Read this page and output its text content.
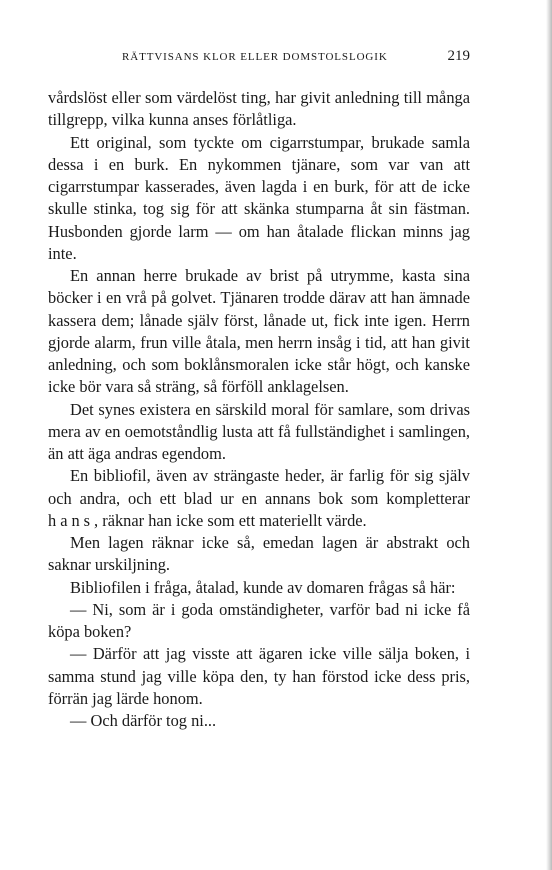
RÄTTVISANS KLOR ELLER DOMSTOLSLOGIK	219

vårdslöst eller som värdelöst ting, har givit anledning till många tillgrepp, vilka kunna anses förlåtliga.

Ett original, som tyckte om cigarrstumpar, brukade samla dessa i en burk. En nykommen tjänare, som var van att cigarrstumpar kasserades, även lagda i en burk, för att de icke skulle stinka, tog sig för att skänka stumparna åt sin fästman. Husbonden gjorde larm — om han åtalade flickan minns jag inte.

En annan herre brukade av brist på utrymme, kasta sina böcker i en vrå på golvet. Tjänaren trodde därav att han ämnade kassera dem; lånade själv först, lånade ut, fick inte igen. Herrn gjorde alarm, frun ville åtala, men herrn insåg i tid, att han givit anledning, och som boklånsmoralen icke står högt, och kanske icke bör vara så sträng, så förföll anklagelsen.

Det synes existera en särskild moral för samlare, som drivas mera av en oemotståndlig lusta att få fullständighet i samlingen, än att äga andras egendom.

En bibliofil, även av strängaste heder, är farlig för sig själv och andra, och ett blad ur en annans bok som kompletterar hans, räknar han icke som ett materiellt värde.

Men lagen räknar icke så, emedan lagen är abstrakt och saknar urskiljning.

Bibliofilen i fråga, åtalad, kunde av domaren frågas så här:

— Ni, som är i goda omständigheter, varför bad ni icke få köpa boken?

— Därför att jag visste att ägaren icke ville sälja boken, i samma stund jag ville köpa den, ty han förstod icke dess pris, förrän jag lärde honom.

— Och därför tog ni...
